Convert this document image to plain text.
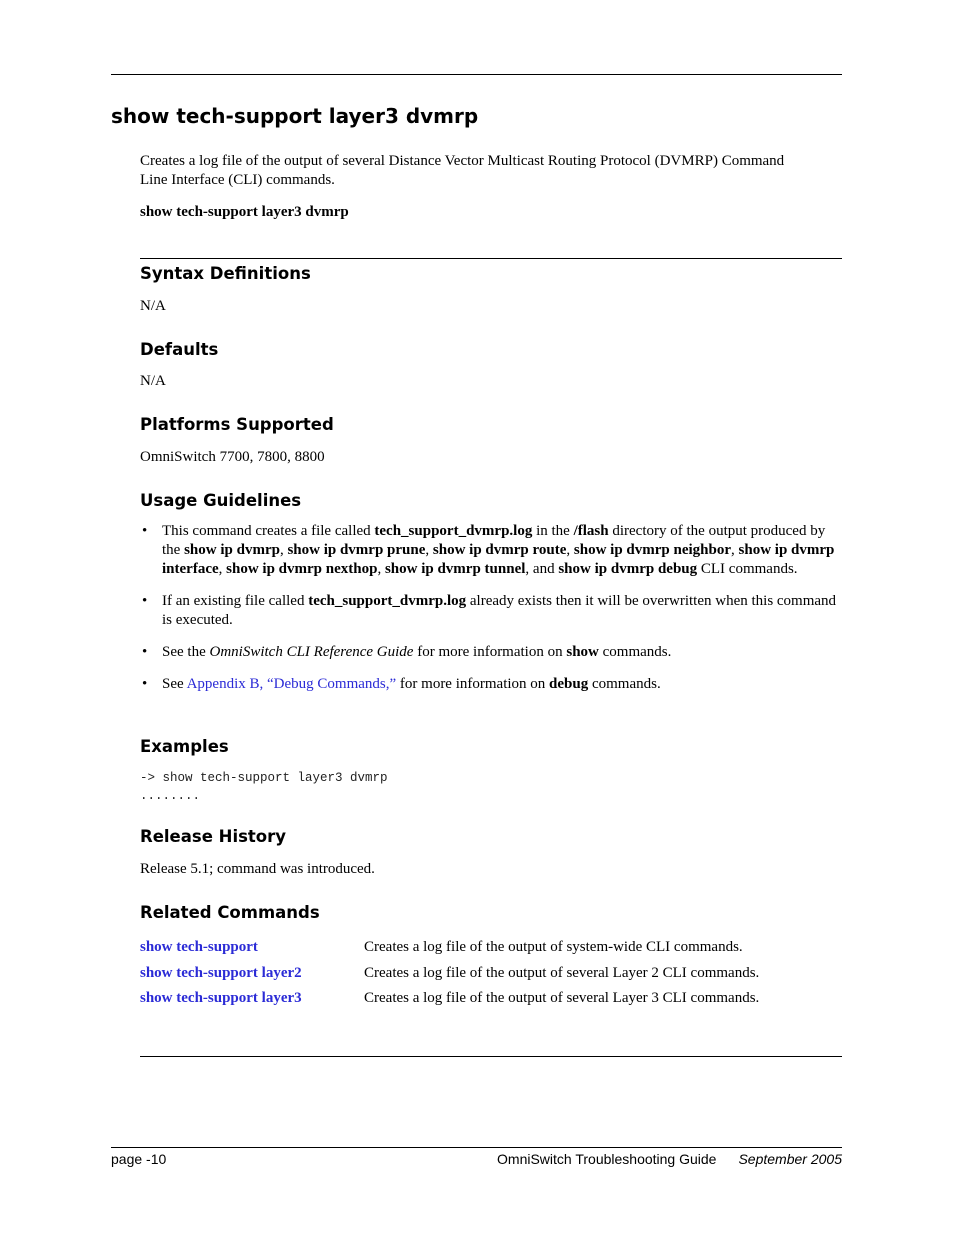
show tech-support layer3 dvmrp
Creates a log file of the output of several Distance Vector Multicast Routing Protocol (DVMRP) Command Line Interface (CLI) commands.
show tech-support layer3 dvmrp
Syntax Definitions
N/A
Defaults
N/A
Platforms Supported
OmniSwitch 7700, 7800, 8800
Usage Guidelines
• This command creates a file called tech_support_dvmrp.log in the /flash directory of the output produced by the show ip dvmrp, show ip dvmrp prune, show ip dvmrp route, show ip dvmrp neighbor, show ip dvmrp interface, show ip dvmrp nexthop, show ip dvmrp tunnel, and show ip dvmrp debug CLI commands.
• If an existing file called tech_support_dvmrp.log already exists then it will be overwritten when this command is executed.
• See the OmniSwitch CLI Reference Guide for more information on show commands.
• See Appendix B, “Debug Commands,” for more information on debug commands.
Examples
-> show tech-support layer3 dvmrp
........
Release History
Release 5.1; command was introduced.
Related Commands
show tech-support	Creates a log file of the output of system-wide CLI commands.
show tech-support layer2	Creates a log file of the output of several Layer 2 CLI commands.
show tech-support layer3	Creates a log file of the output of several Layer 3 CLI commands.
page -10	OmniSwitch Troubleshooting Guide September 2005
